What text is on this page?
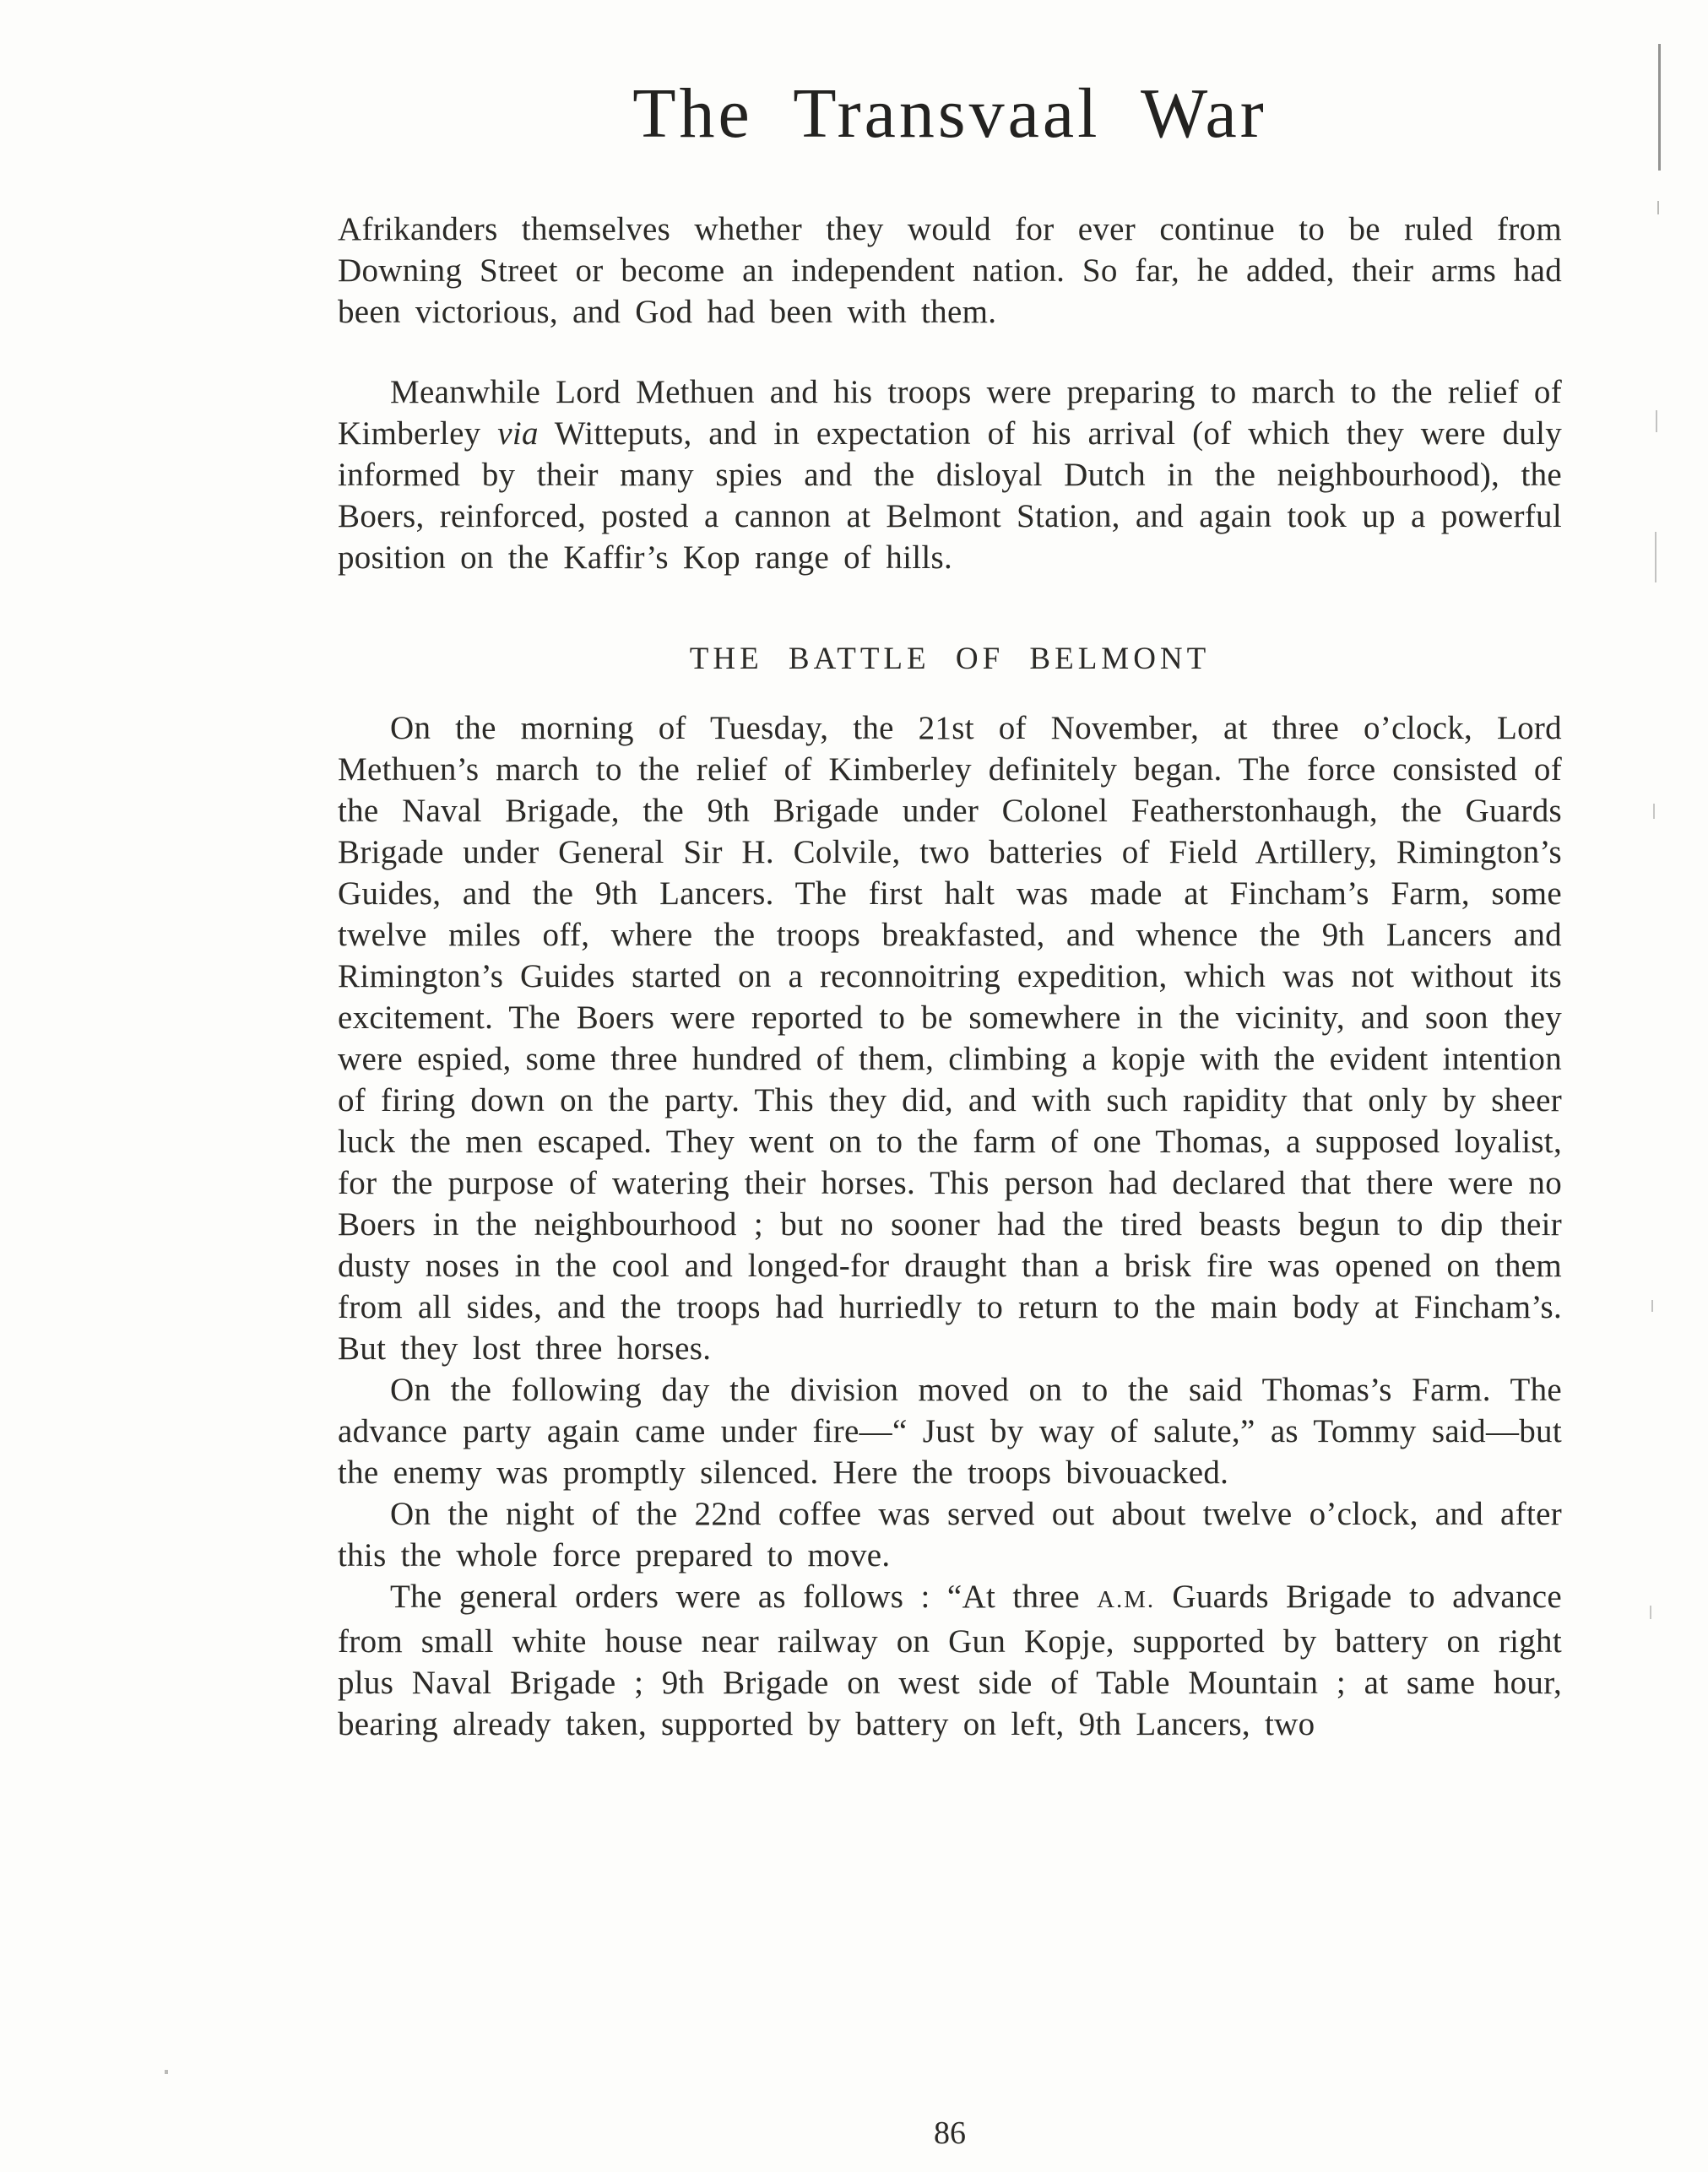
The Transvaal War

Afrikanders themselves whether they would for ever continue to be ruled from Downing Street or become an independent nation. So far, he added, their arms had been victorious, and God had been with them.

Meanwhile Lord Methuen and his troops were preparing to march to the relief of Kimberley via Witteputs, and in expectation of his arrival (of which they were duly informed by their many spies and the disloyal Dutch in the neighbourhood), the Boers, reinforced, posted a cannon at Belmont Station, and again took up a powerful position on the Kaffir’s Kop range of hills.

THE BATTLE OF BELMONT

On the morning of Tuesday, the 21st of November, at three o’clock, Lord Methuen’s march to the relief of Kimberley definitely began. The force consisted of the Naval Brigade, the 9th Brigade under Colonel Featherstonhaugh, the Guards Brigade under General Sir H. Colvile, two batteries of Field Artillery, Rimington’s Guides, and the 9th Lancers. The first halt was made at Fincham’s Farm, some twelve miles off, where the troops breakfasted, and whence the 9th Lancers and Rimington’s Guides started on a reconnoitring expedition, which was not without its excitement. The Boers were reported to be somewhere in the vicinity, and soon they were espied, some three hundred of them, climbing a kopje with the evident intention of firing down on the party. This they did, and with such rapidity that only by sheer luck the men escaped. They went on to the farm of one Thomas, a supposed loyalist, for the purpose of watering their horses. This person had declared that there were no Boers in the neighbourhood ; but no sooner had the tired beasts begun to dip their dusty noses in the cool and longed-for draught than a brisk fire was opened on them from all sides, and the troops had hurriedly to return to the main body at Fincham’s. But they lost three horses.

On the following day the division moved on to the said Thomas’s Farm. The advance party again came under fire—“ Just by way of salute,” as Tommy said—but the enemy was promptly silenced. Here the troops bivouacked.

On the night of the 22nd coffee was served out about twelve o’clock, and after this the whole force prepared to move.

The general orders were as follows : “At three A.M. Guards Brigade to advance from small white house near railway on Gun Kopje, supported by battery on right plus Naval Brigade ; 9th Brigade on west side of Table Mountain ; at same hour, bearing already taken, supported by battery on left, 9th Lancers, two

86
